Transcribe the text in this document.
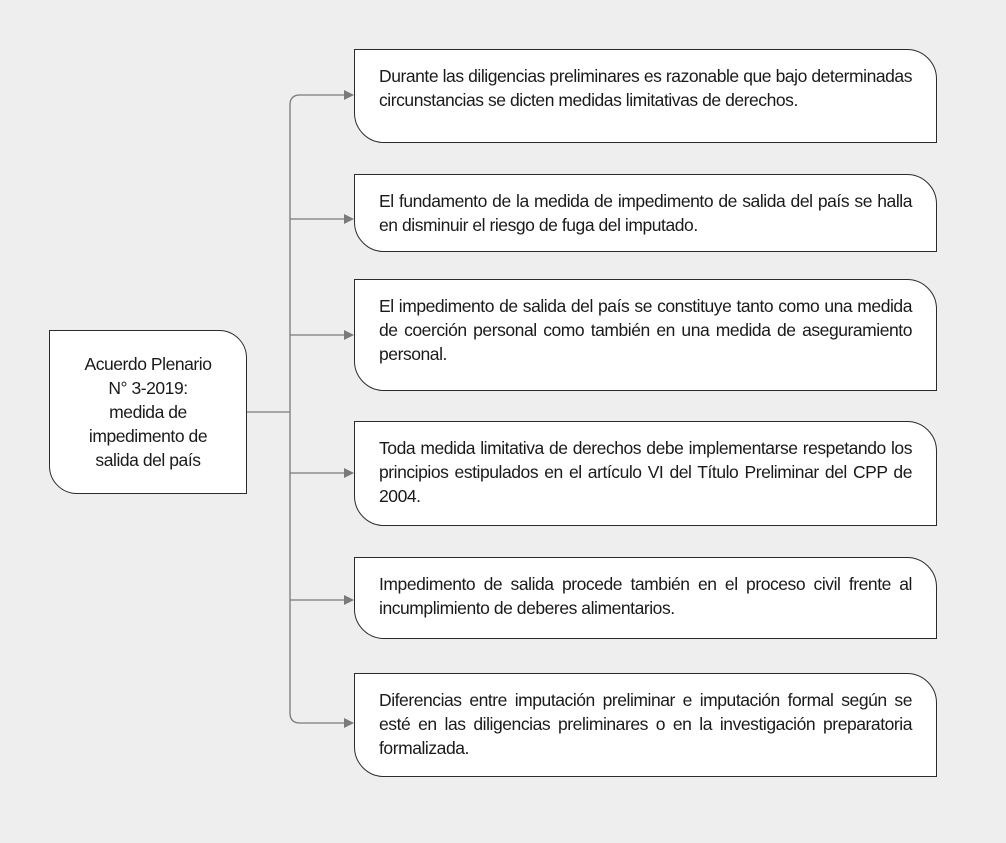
Acuerdo Plenario
N° 3-2019:
medida de
impedimento de
salida del país
Durante las diligencias preliminares es razonable que bajo determinadas circunstancias se dicten medidas limitativas de derechos.
El fundamento de la medida de impedimento de salida del país se halla en disminuir el riesgo de fuga del imputado.
El impedimento de salida del país se constituye tanto como una medida de coerción personal como también en una medida de aseguramiento personal.
Toda medida limitativa de derechos debe implementarse respetando los principios estipulados en el artículo VI del Título Preliminar del CPP de 2004.
Impedimento de salida procede también en el proceso civil frente al incumplimiento de deberes alimentarios.
Diferencias entre imputación preliminar e imputación formal según se esté en las diligencias preliminares o en la investigación preparatoria formalizada.
